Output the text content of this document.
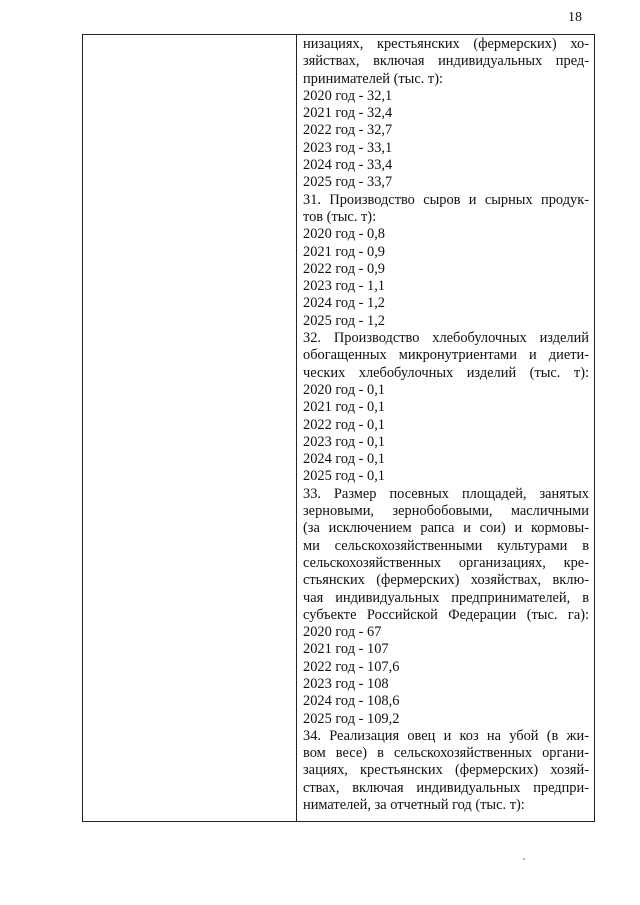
18
низациях, крестьянских (фермерских) хо-
зяйствах, включая индивидуальных пред-
принимателей (тыс. т):
2020 год - 32,1
2021 год - 32,4
2022 год - 32,7
2023 год - 33,1
2024 год - 33,4
2025 год - 33,7
31. Производство сыров и сырных продук-
тов (тыс. т):
2020 год - 0,8
2021 год - 0,9
2022 год - 0,9
2023 год - 1,1
2024 год - 1,2
2025 год - 1,2
32. Производство хлебобулочных изделий
обогащенных микронутриентами и диети-
ческих хлебобулочных изделий (тыс. т):
2020 год - 0,1
2021 год - 0,1
2022 год - 0,1
2023 год - 0,1
2024 год - 0,1
2025 год - 0,1
33. Размер посевных площадей, занятых
зерновыми, зернобобовыми, масличными
(за исключением рапса и сои) и кормовы-
ми сельскохозяйственными культурами в
сельскохозяйственных организациях, кре-
стьянских (фермерских) хозяйствах, вклю-
чая индивидуальных предпринимателей, в
субъекте Российской Федерации (тыс. га):
2020 год - 67
2021 год - 107
2022 год - 107,6
2023 год - 108
2024 год - 108,6
2025 год - 109,2
34. Реализация овец и коз на убой (в жи-
вом весе) в сельскохозяйственных органи-
зациях, крестьянских (фермерских) хозяй-
ствах, включая индивидуальных предпри-
нимателей, за отчетный год (тыс. т):
